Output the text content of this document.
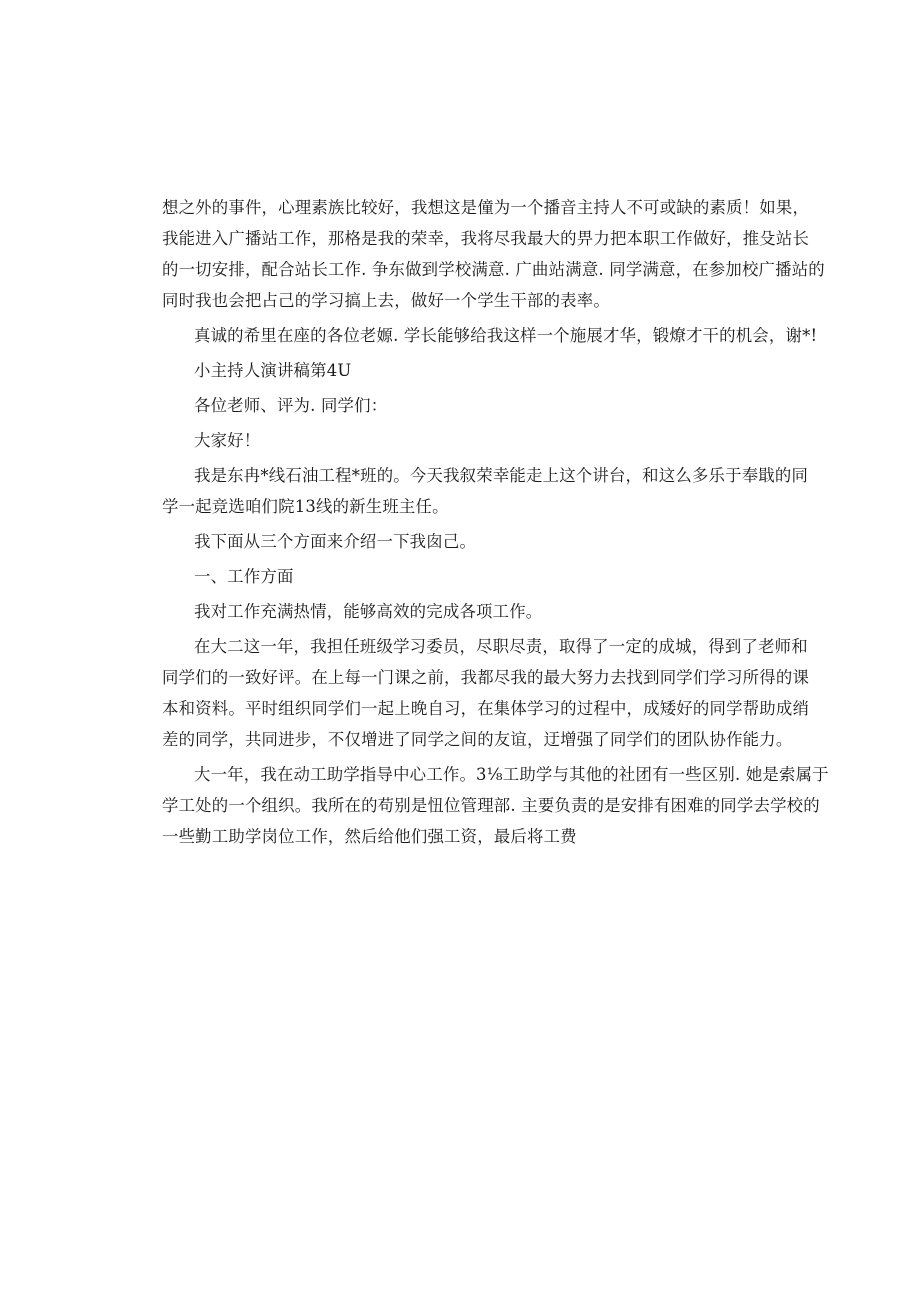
想之外的事件，心理素族比较好，我想这是僮为一个播音主持人不可或缺的素质！如果，
我能进入广播站工作，那格是我的荣幸，我将尽我最大的畀力把本职工作做好，推殳站长
的一切安排，配合站长工作. 争东做到学校满意. 广曲站满意. 同学满意，在参加校广播站的
同时我也会把占己的学习搞上去，做好一个学生干部的表率。
真诚的希里在座的各位老嫄. 学长能够给我这样一个施展才华，锻燎才干的机会，谢*!
小主持人演讲稿第4U
各位老师、评为. 同学们：
大家好！
我是东冉*线石油工程*班的。今天我叙荣幸能走上这个讲台，和这么多乐于奉戢的同
学一起竞选咱们院13线的新生班主任。
我下面从三个方面来介绍一下我囱己。
一、工作方面
我对工作充满热情，能够高效的完成各项工作。
在大二这一年，我担任班级学习委员，尽职尽责，取得了一定的成城，得到了老师和
同学们的一致好评。在上每一门课之前，我都尽我的最大努力去找到同学们学习所得的课
本和资料。平时组织同学们一起上晚自习，在集体学习的过程中，成矮好的同学帮助成绡
差的同学，共同进步，不仅增进了同学之间的友谊，迂增强了同学们的团队协作能力。
大一年，我在动工助学指导中心工作。3⅛工助学与其他的社团有一些区别. 她是索属于
学工处的一个组织。我所在的苟别是忸位管理部. 主要负责的是安排有困难的同学去学校的
一些勤工助学岗位工作，然后给他们强工资，最后将工费
